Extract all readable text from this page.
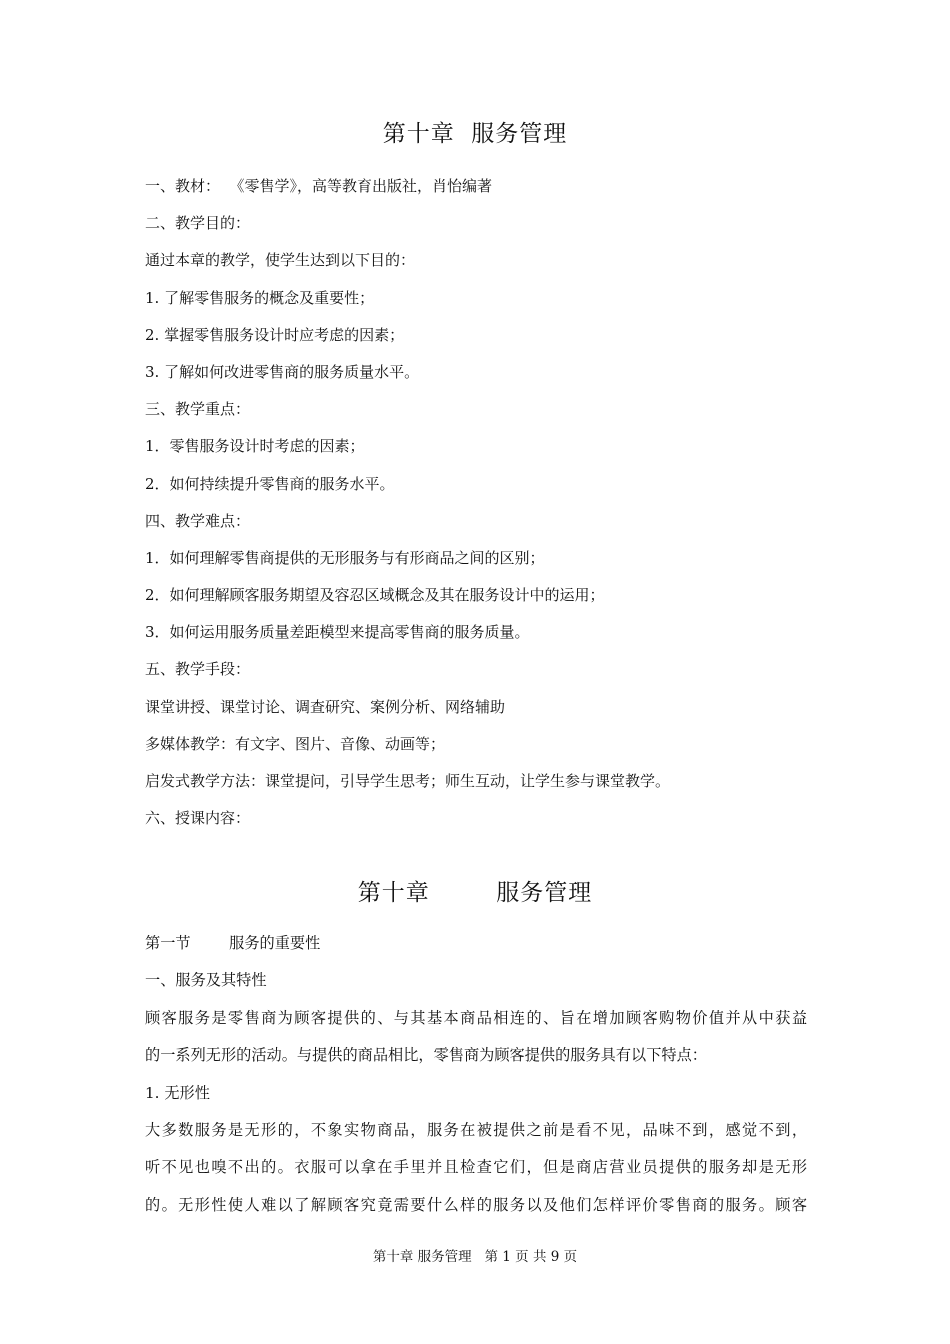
第十章  服务管理
一、教材：  《零售学》，高等教育出版社，肖怡编著
二、教学目的：
通过本章的教学，使学生达到以下目的：
1. 了解零售服务的概念及重要性；
2. 掌握零售服务设计时应考虑的因素；
3. 了解如何改进零售商的服务质量水平。
三、教学重点：
1．零售服务设计时考虑的因素；
2．如何持续提升零售商的服务水平。
四、教学难点：
1．如何理解零售商提供的无形服务与有形商品之间的区别；
2．如何理解顾客服务期望及容忍区域概念及其在服务设计中的运用；
3．如何运用服务质量差距模型来提高零售商的服务质量。
五、教学手段：
课堂讲授、课堂讨论、调查研究、案例分析、网络辅助
多媒体教学：有文字、图片、音像、动画等；
启发式教学方法：课堂提问，引导学生思考；师生互动，让学生参与课堂教学。
六、授课内容：
第十章        服务管理
第一节        服务的重要性
一、服务及其特性
顾客服务是零售商为顾客提供的、与其基本商品相连的、旨在增加顾客购物价值并从中获益
的一系列无形的活动。与提供的商品相比，零售商为顾客提供的服务具有以下特点：
1. 无形性
大多数服务是无形的，不象实物商品，服务在被提供之前是看不见，品味不到，感觉不到，
听不见也嗅不出的。衣服可以拿在手里并且检查它们，但是商店营业员提供的服务却是无形
的。无形性使人难以了解顾客究竟需要什么样的服务以及他们怎样评价零售商的服务。顾客
第十章 服务管理   第 1 页 共 9 页
